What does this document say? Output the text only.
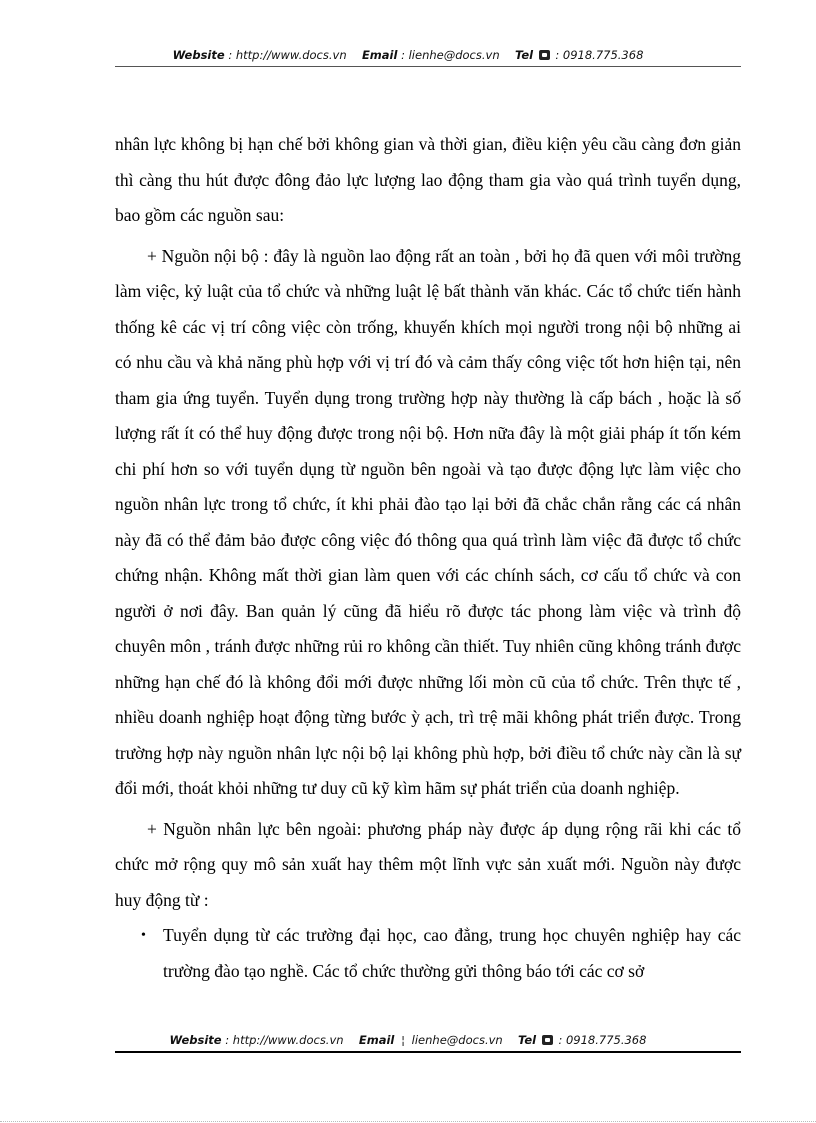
Website : http://www.docs.vn Email : lienhe@docs.vn Tel : 0918.775.368

nhân lực không bị hạn chế bởi không gian và thời gian, điều kiện yêu cầu càng đơn giản thì càng thu hút được đông đảo lực lượng lao động tham gia vào quá trình tuyển dụng, bao gồm các nguồn sau:

+ Nguồn nội bộ : đây là nguồn lao động rất an toàn , bởi họ đã quen với môi trường làm việc, kỷ luật của tổ chức và những luật lệ bất thành văn khác. Các tổ chức tiến hành thống kê các vị trí công việc còn trống, khuyến khích mọi người trong nội bộ những ai có nhu cầu và khả năng phù hợp với vị trí đó và cảm thấy công việc tốt hơn hiện tại, nên tham gia ứng tuyển. Tuyển dụng trong trường hợp này thường là cấp bách , hoặc là số lượng rất ít có thể huy động được trong nội bộ. Hơn nữa đây là một giải pháp ít tốn kém chi phí hơn so với tuyển dụng từ nguồn bên ngoài và tạo được động lực làm việc cho nguồn nhân lực trong tổ chức, ít khi phải đào tạo lại bởi đã chắc chắn rằng các cá nhân này đã có thể đảm bảo được công việc đó thông qua quá trình làm việc đã được tổ chức chứng nhận. Không mất thời gian làm quen với các chính sách, cơ cấu tổ chức và con người ở nơi đây. Ban quản lý cũng đã hiểu rõ được tác phong làm việc và trình độ chuyên môn , tránh được những rủi ro không cần thiết. Tuy nhiên cũng không tránh được những hạn chế đó là không đổi mới được những lối mòn cũ của tổ chức. Trên thực tế , nhiều doanh nghiệp hoạt động từng bước ỳ ạch, trì trệ mãi không phát triển được. Trong trường hợp này nguồn nhân lực nội bộ lại không phù hợp, bởi điều tổ chức này cần là sự đổi mới, thoát khỏi những tư duy cũ kỹ kìm hãm sự phát triển của doanh nghiệp.

+ Nguồn nhân lực bên ngoài: phương pháp này được áp dụng rộng rãi khi các tổ chức mở rộng quy mô sản xuất hay thêm một lĩnh vực sản xuất mới. Nguồn này được huy động từ :

• Tuyển dụng từ các trường đại học, cao đẳng, trung học chuyên nghiệp hay các trường đào tạo nghề. Các tổ chức thường gửi thông báo tới các cơ sở
Website : http://www.docs.vn Email ¦ lienhe@docs.vn Tel : 0918.775.368
